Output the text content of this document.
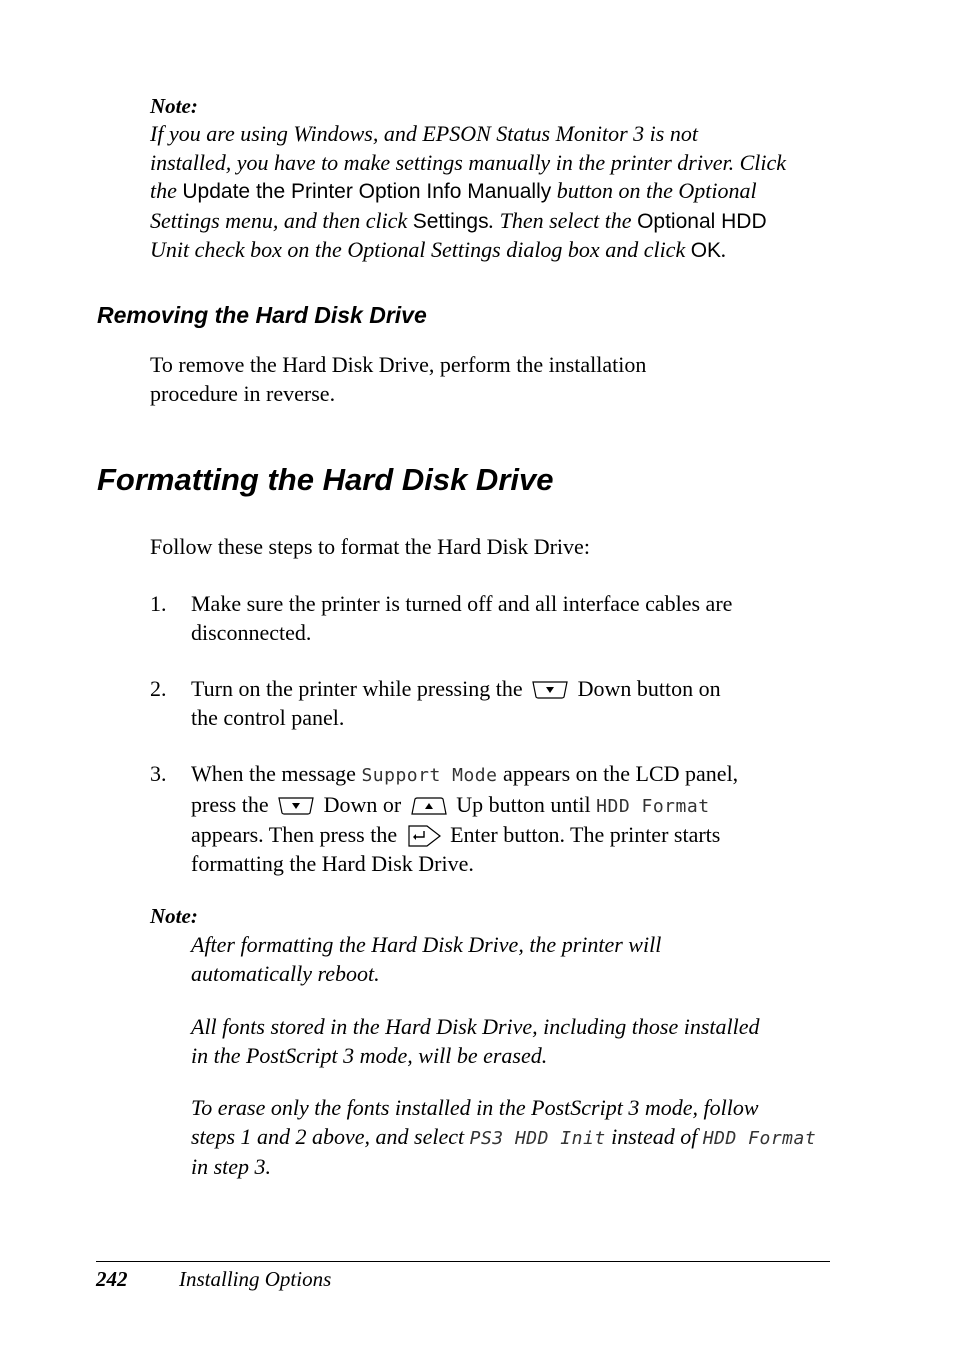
Note:
If you are using Windows, and EPSON Status Monitor 3 is not
installed, you have to make settings manually in the printer driver. Click
the Update the Printer Option Info Manually button on the Optional
Settings menu, and then click Settings. Then select the Optional HDD
Unit check box on the Optional Settings dialog box and click OK.
Removing the Hard Disk Drive
To remove the Hard Disk Drive, perform the installation
procedure in reverse.
Formatting the Hard Disk Drive
Follow these steps to format the Hard Disk Drive:
1. Make sure the printer is turned off and all interface cables are
disconnected.
2. Turn on the printer while pressing the	Down button on
the control panel.
3. When the message Support Mode appears on the LCD panel,
press the	Down or	Up button until HDD Format
appears. Then press the Enter button. The printer starts
formatting the Hard Disk Drive.
Note:
After formatting the Hard Disk Drive, the printer will
automatically reboot.
All fonts stored in the Hard Disk Drive, including those installed
in the PostScript 3 mode, will be erased.
To erase only the fonts installed in the PostScript 3 mode, follow
steps 1 and 2 above, and select PS3 HDD Init instead of HDD Format
in step 3.
242 Installing Options
